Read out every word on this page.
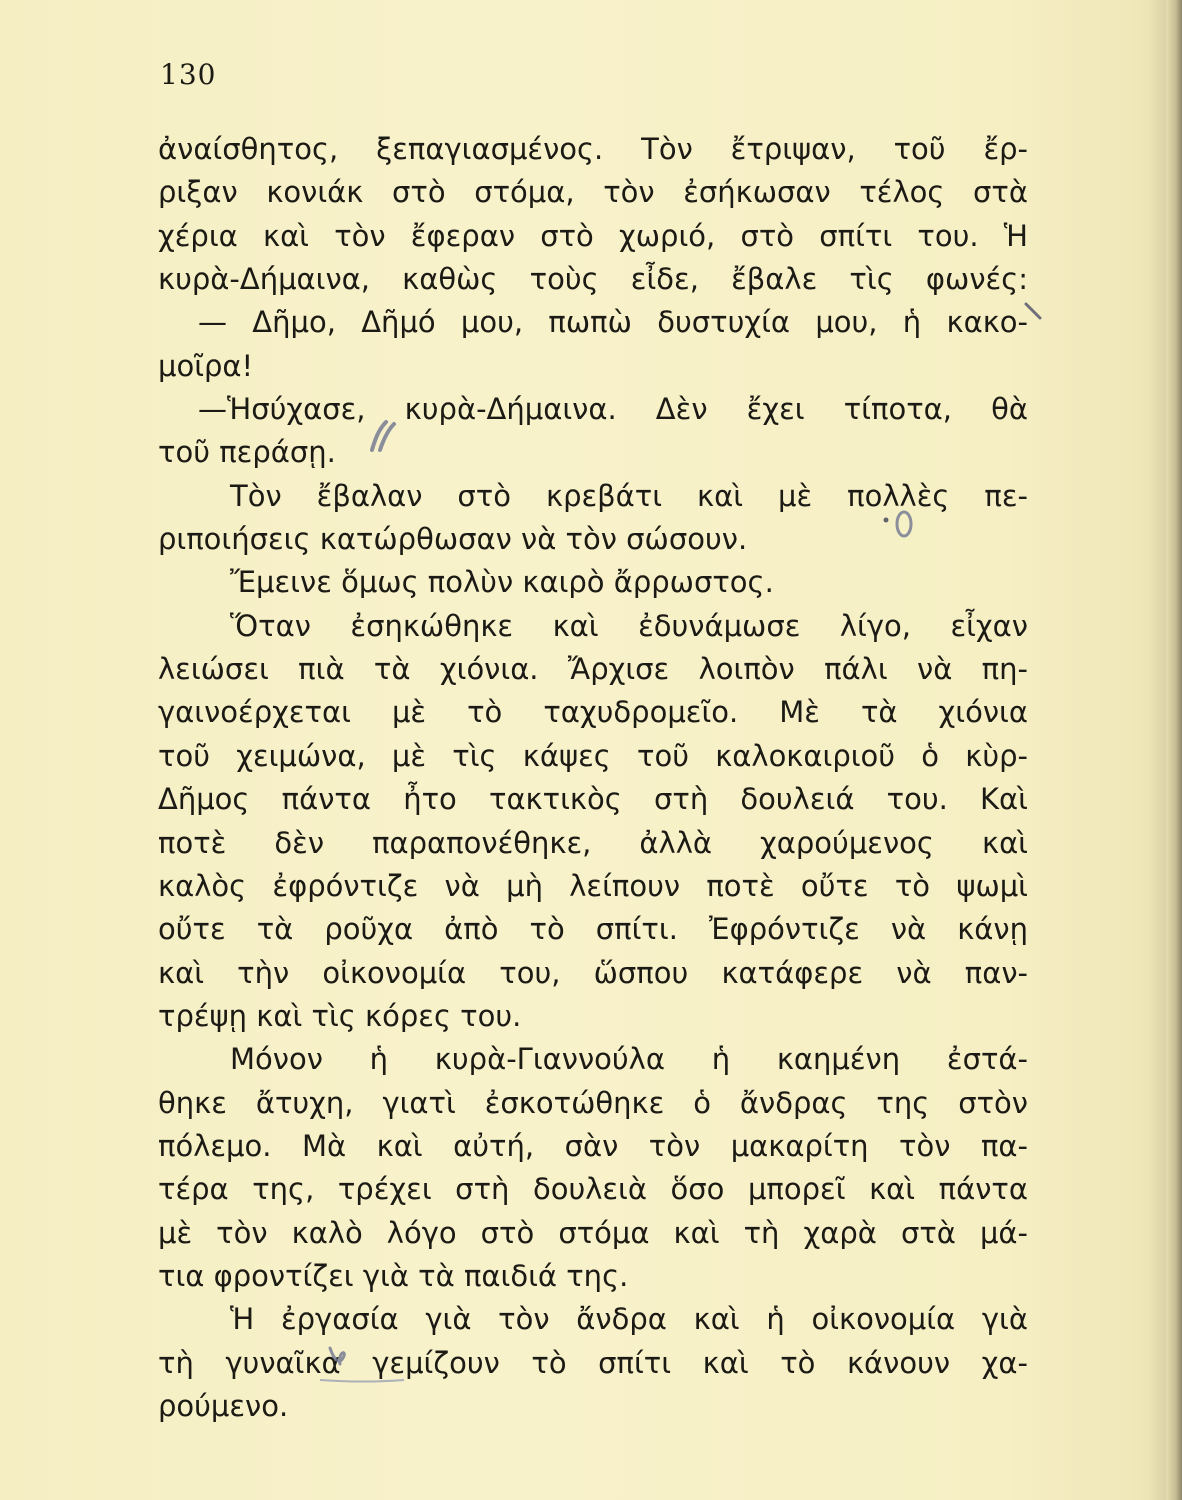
130
ἀναίσθητος, ξεπαγιασμένος. Τὸν ἔτριψαν, τοῦ ἔρ-
ριξαν κονιάκ στὸ στόμα, τὸν ἐσήκωσαν τέλος στὰ
χέρια καὶ τὸν ἔφεραν στὸ χωριό, στὸ σπίτι του. Ἡ
κυρὰ-Δήμαινα, καθὼς τοὺς εἶδε, ἔβαλε τὶς φωνές:
— Δῆμο, Δῆμό μου, πωπὼ δυστυχία μου, ἡ κακο-
μοῖρα!
—Ἡσύχασε, κυρὰ-Δήμαινα. Δὲν ἔχει τίποτα, θὰ
τοῦ περάσῃ.
Τὸν ἔβαλαν στὸ κρεβάτι καὶ μὲ πολλὲς πε-
ριποιήσεις κατώρθωσαν νὰ τὸν σώσουν.
Ἔμεινε ὅμως πολὺν καιρὸ ἄρρωστος.
Ὅταν ἐσηκώθηκε καὶ ἐδυνάμωσε λίγο, εἶχαν
λειώσει πιὰ τὰ χιόνια. Ἄρχισε λοιπὸν πάλι νὰ πη-
γαινοέρχεται μὲ τὸ ταχυδρομεῖο. Μὲ τὰ χιόνια
τοῦ χειμώνα, μὲ τὶς κάψες τοῦ καλοκαιριοῦ ὁ κὺρ-
Δῆμος πάντα ἦτο τακτικὸς στὴ δουλειά του. Καὶ
ποτὲ δὲν παραπονέθηκε, ἀλλὰ χαρούμενος καὶ
καλὸς ἐφρόντιζε νὰ μὴ λείπουν ποτὲ οὔτε τὸ ψωμὶ
οὔτε τὰ ροῦχα ἀπὸ τὸ σπίτι. Ἐφρόντιζε νὰ κάνῃ
καὶ τὴν οἰκονομία του, ὥσπου κατάφερε νὰ παν-
τρέψῃ καὶ τὶς κόρες του.
Μόνον ἡ κυρὰ-Γιαννούλα ἡ καημένη ἐστά-
θηκε ἄτυχη, γιατὶ ἐσκοτώθηκε ὁ ἄνδρας της στὸν
πόλεμο. Μὰ καὶ αὐτή, σὰν τὸν μακαρίτη τὸν πα-
τέρα της, τρέχει στὴ δουλειὰ ὅσο μπορεῖ καὶ πάντα
μὲ τὸν καλὸ λόγο στὸ στόμα καὶ τὴ χαρὰ στὰ μά-
τια φροντίζει γιὰ τὰ παιδιά της.
Ἡ ἐργασία γιὰ τὸν ἄνδρα καὶ ἡ οἰκονομία γιὰ
τὴ γυναῖκα γεμίζουν τὸ σπίτι καὶ τὸ κάνουν χα-
ρούμενο.
